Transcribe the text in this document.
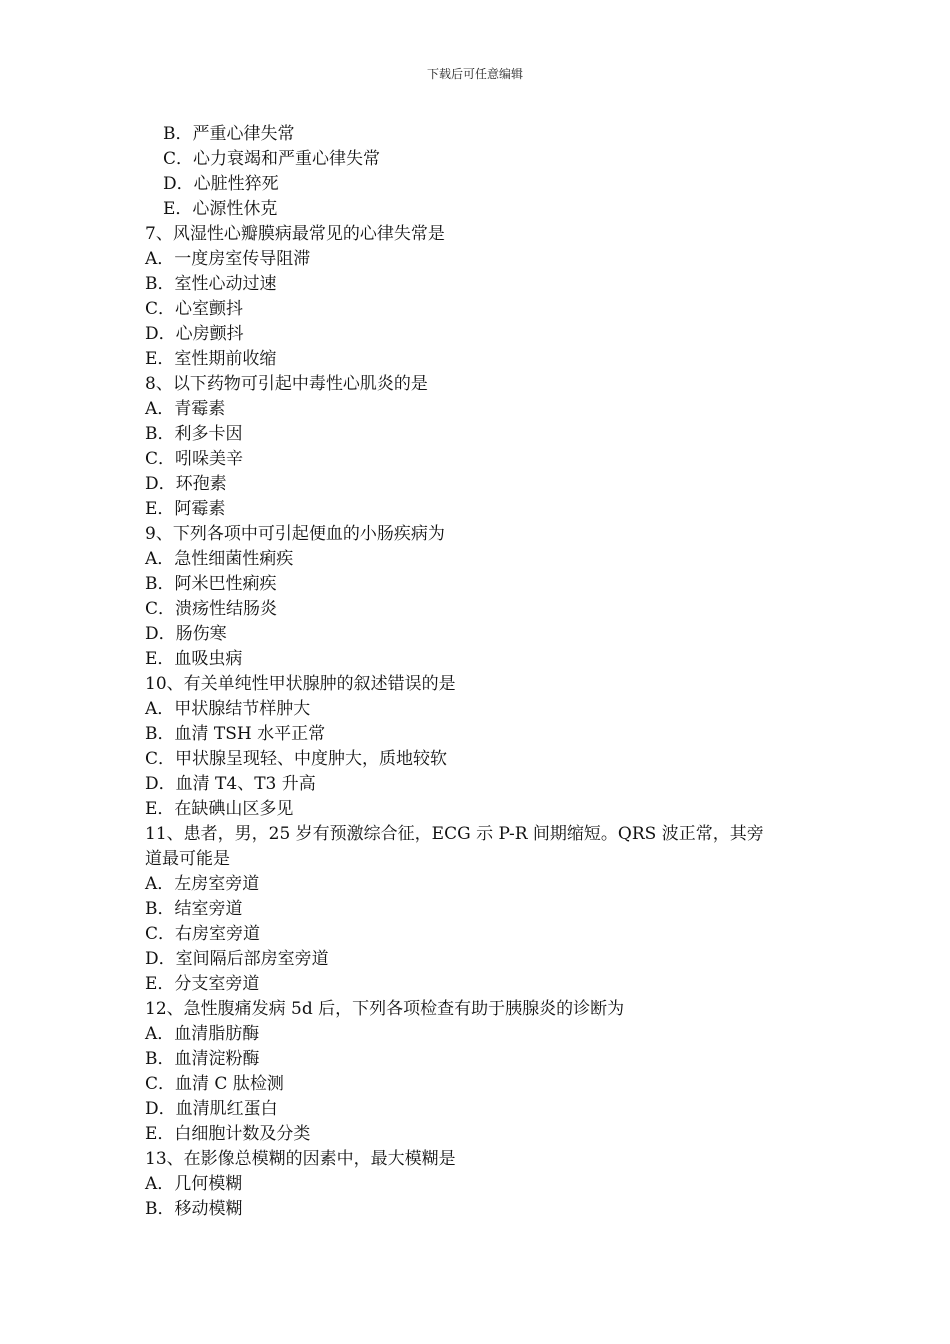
下载后可任意编辑
B．严重心律失常
C．心力衰竭和严重心律失常
D．心脏性猝死
E．心源性休克
7、风湿性心瓣膜病最常见的心律失常是
A．一度房室传导阻滞
B．室性心动过速
C．心室颤抖
D．心房颤抖
E．室性期前收缩
8、以下药物可引起中毒性心肌炎的是
A．青霉素
B．利多卡因
C．吲哚美辛
D．环孢素
E．阿霉素
9、下列各项中可引起便血的小肠疾病为
A．急性细菌性痢疾
B．阿米巴性痢疾
C．溃疡性结肠炎
D．肠伤寒
E．血吸虫病
10、有关单纯性甲状腺肿的叙述错误的是
A．甲状腺结节样肿大
B．血清 TSH 水平正常
C．甲状腺呈现轻、中度肿大，质地较软
D．血清 T4、T3 升高
E．在缺碘山区多见
11、患者，男，25 岁有预激综合征，ECG 示 P-R 间期缩短。QRS 波正常，其旁
道最可能是
A．左房室旁道
B．结室旁道
C．右房室旁道
D．室间隔后部房室旁道
E．分支室旁道
12、急性腹痛发病 5d 后，下列各项检查有助于胰腺炎的诊断为
A．血清脂肪酶
B．血清淀粉酶
C．血清 C 肽检测
D．血清肌红蛋白
E．白细胞计数及分类
13、在影像总模糊的因素中，最大模糊是
A．几何模糊
B．移动模糊
